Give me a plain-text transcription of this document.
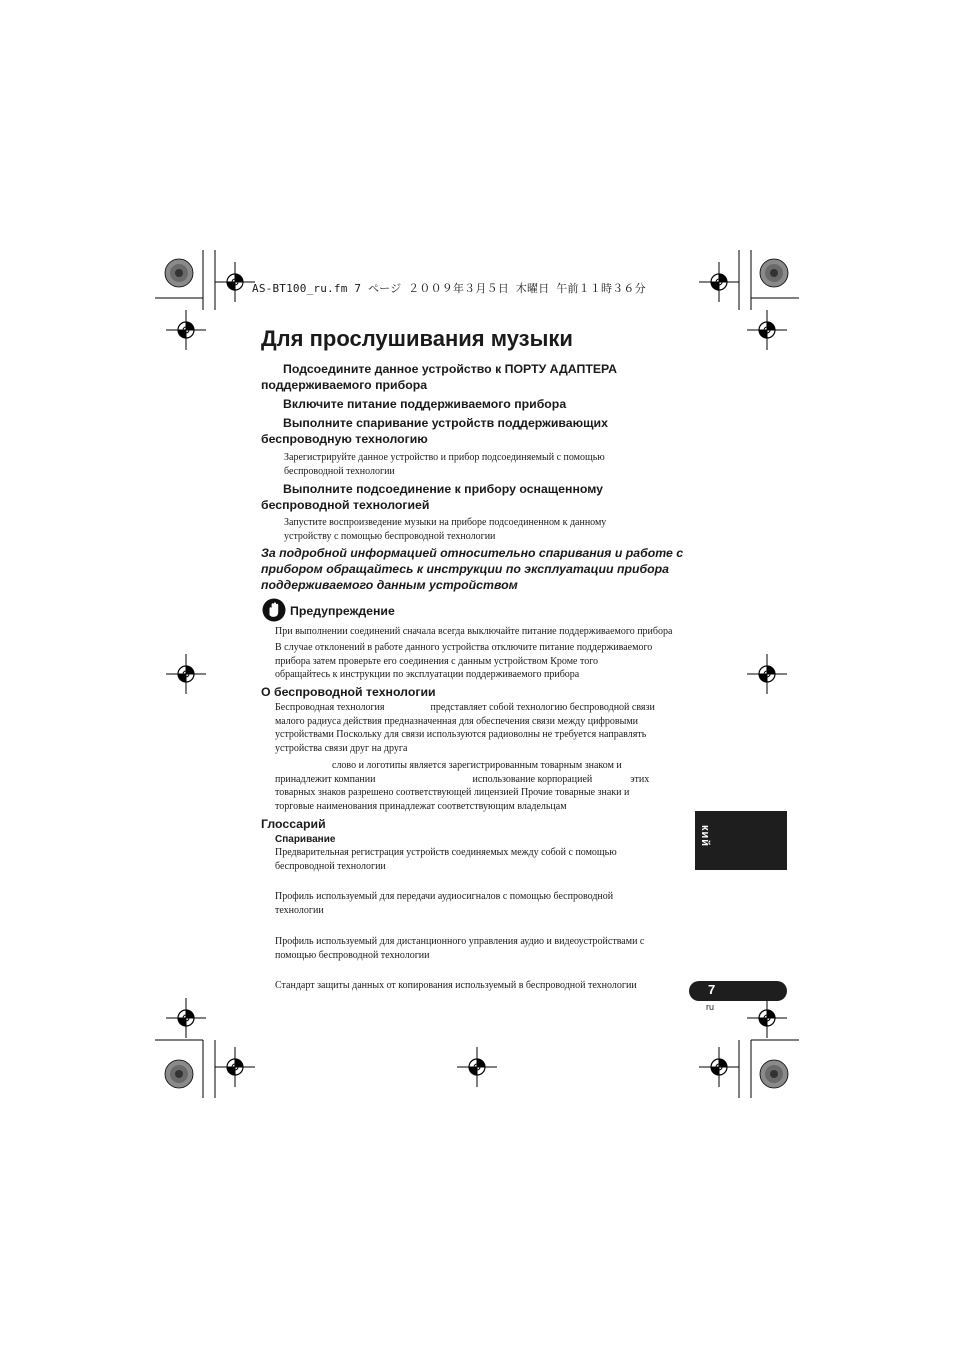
AS-BT100_ru.fm 7 ページ ２００９年３月５日 木曜日 午前１１時３６分
Для прослушивания музыки
Подсоедините данное устройство к ПОРТУ АДАПТЕРА
поддерживаемого прибора
Включите питание поддерживаемого прибора
Выполните спаривание устройств поддерживающих
беспроводную технологию
Зарегистрируйте данное устройство и прибор подсоединяемый с помощью
беспроводной технологии
Выполните подсоединение к прибору оснащенному
беспроводной технологией
Запустите воспроизведение музыки на приборе подсоединенном к данному
устройству с помощью беспроводной технологии
За подробной информацией относительно спаривания и работе с
прибором обращайтесь к инструкции по эксплуатации прибора
поддерживаемого данным устройством
Предупреждение
При выполнении соединений сначала всегда выключайте питание поддерживаемого прибора
В случае отклонений в работе данного устройства отключите питание поддерживаемого
прибора затем проверьте его соединения с данным устройством Кроме того
обращайтесь к инструкции по эксплуатации поддерживаемого прибора
О беспроводной технологии
Беспроводная технология	представляет собой технологию беспроводной связи
малого радиуса действия предназначенная для обеспечения связи между цифровыми
устройствами Поскольку для связи используются радиоволны не требуется направлять
устройства связи друг на друга
слово и логотипы является зарегистрированным товарным знаком и
принадлежит компании	использование корпорацией	этих
товарных знаков разрешено соответствующей лицензией Прочие товарные знаки и
торговые наименования принадлежат соответствующим владельцам
Глоссарий
Спаривание
Предварительная регистрация устройств соединяемых между собой с помощью
беспроводной технологии
Профиль используемый для передачи аудиосигналов с помощью беспроводной
технологии
Профиль используемый для дистанционного управления аудио и видеоустройствами с
помощью беспроводной технологии
Стандарт защиты данных от копирования используемый в беспроводной технологии
кий
7
ru
